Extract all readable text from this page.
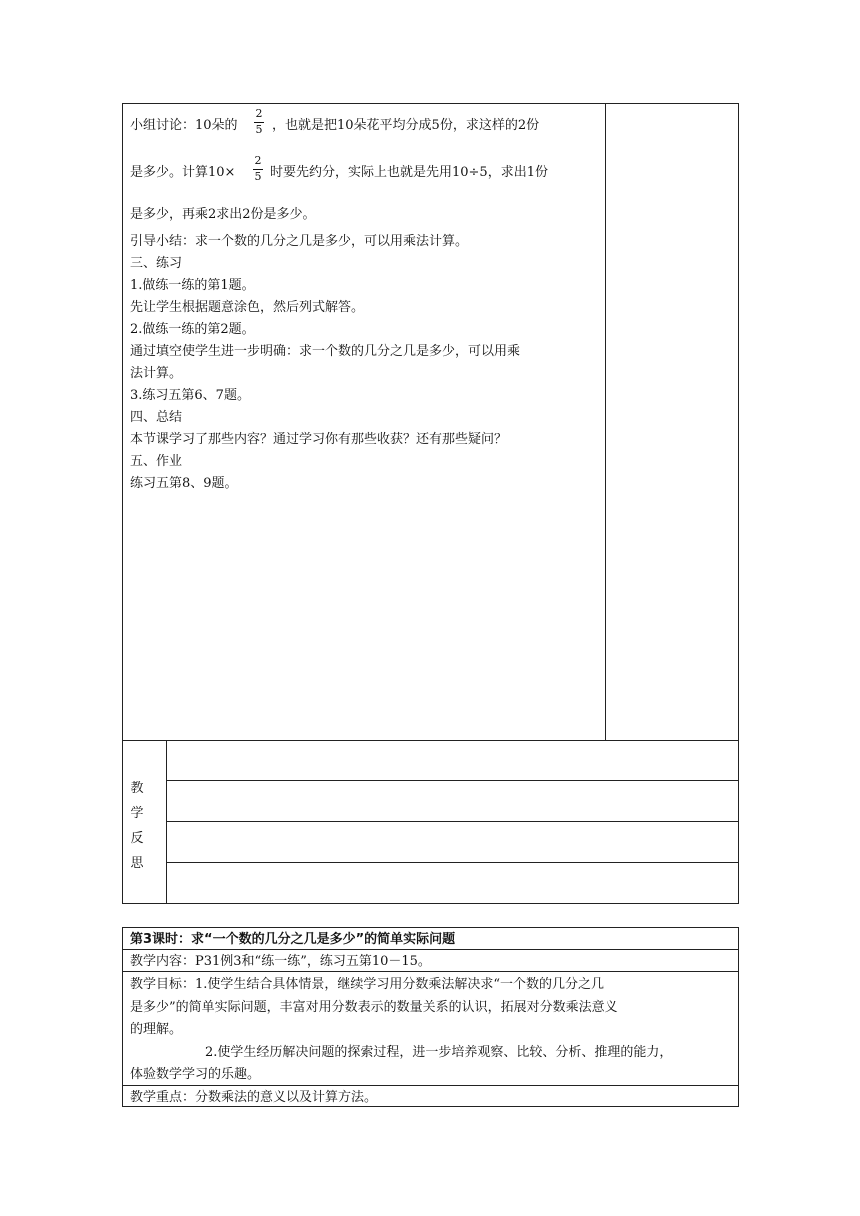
小组讨论：10朵的
2
5 ，也就是把10朵花平均分成5份，求这样的2份
是多少。计算10×
2
5 时要先约分，实际上也就是先用10÷5，求出1份
是多少，再乘2求出2份是多少。
引导小结：求一个数的几分之几是多少，可以用乘法计算。
三、练习
1.做练一练的第1题。
先让学生根据题意涂色，然后列式解答。
2.做练一练的第2题。
通过填空使学生进一步明确：求一个数的几分之几是多少，可以用乘
法计算。
3.练习五第6、7题。
四、总结
本节课学习了那些内容？通过学习你有那些收获？还有那些疑问？
五、作业
练习五第8、9题。
教
学
反
思
第3课时：求“一个数的几分之几是多少”的简单实际问题
教学内容：P31例3和“练一练”，练习五第10－15。
教学目标：1.使学生结合具体情景，继续学习用分数乘法解决求“一个数的几分之几
是多少”的简单实际问题，丰富对用分数表示的数量关系的认识，拓展对分数乘法意义
的理解。
2.使学生经历解决问题的探索过程，进一步培养观察、比较、分析、推理的能力，
体验数学学习的乐趣。
教学重点：分数乘法的意义以及计算方法。
